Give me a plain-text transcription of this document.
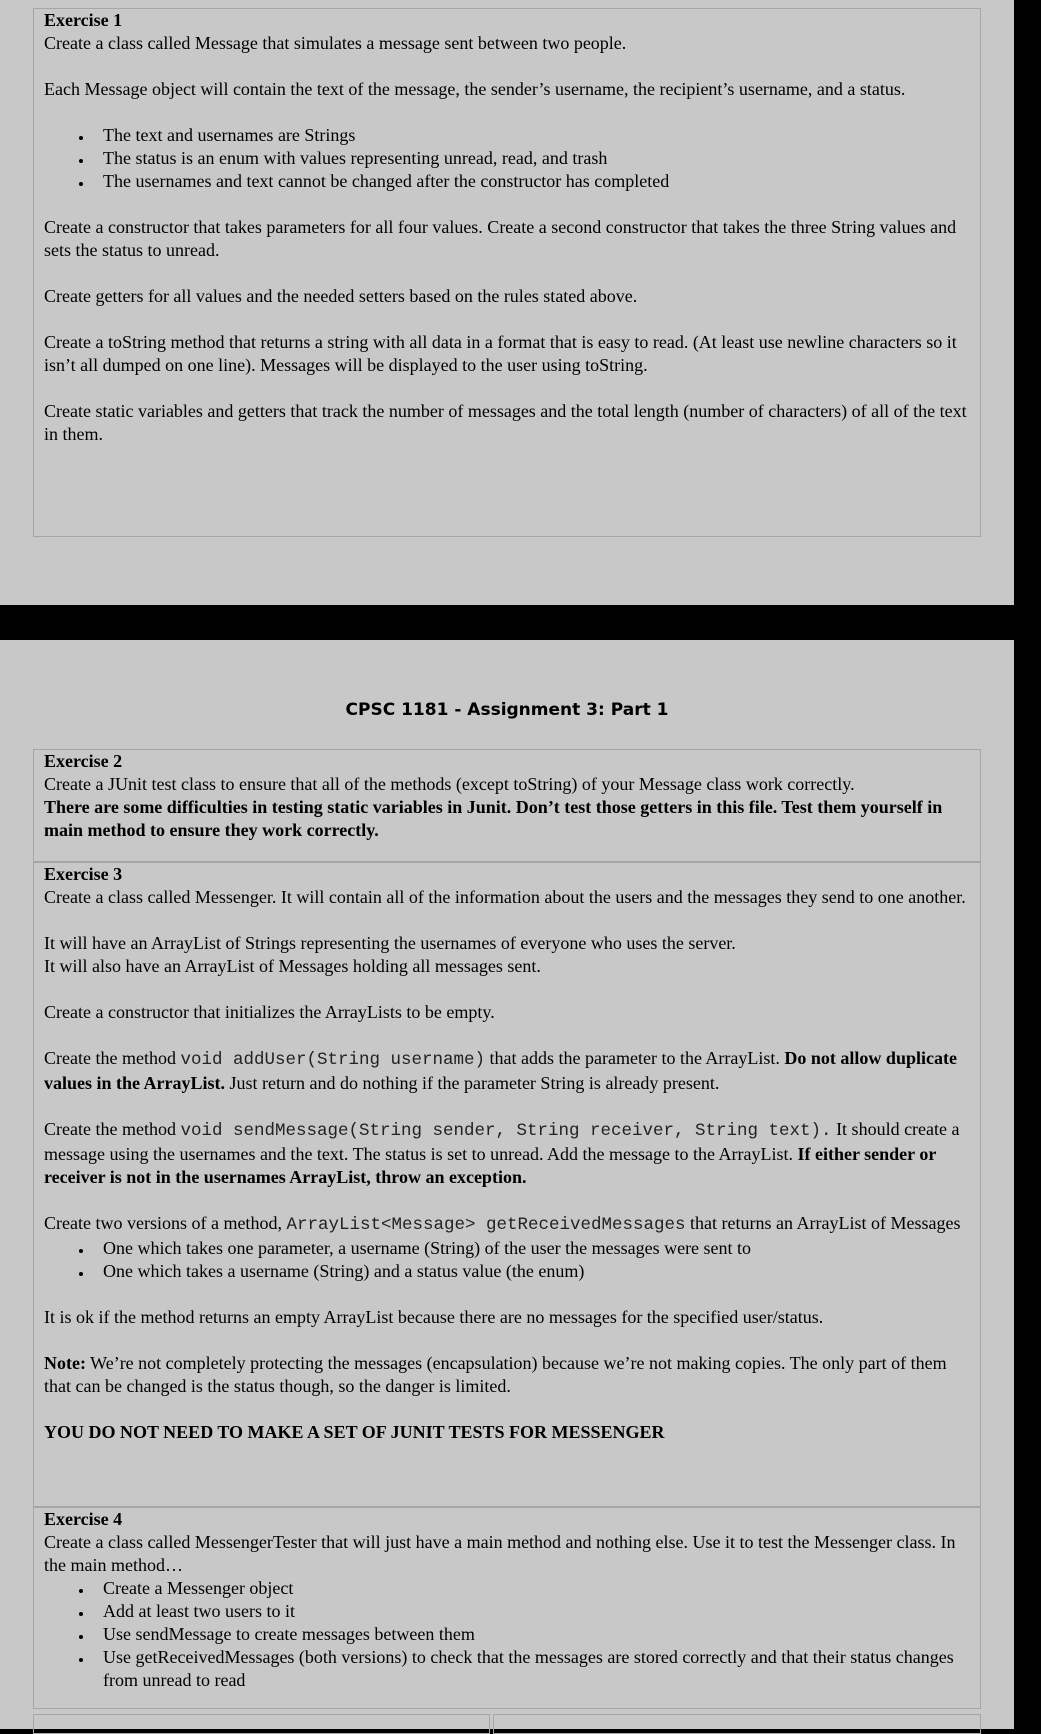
Exercise 1

Create a class called Message that simulates a message sent between two people.

Each Message object will contain the text of the message, the sender’s username, the recipient’s username, and a status.

• The text and usernames are Strings
• The status is an enum with values representing unread, read, and trash
• The usernames and text cannot be changed after the constructor has completed

Create a constructor that takes parameters for all four values. Create a second constructor that takes the three String values and sets the status to unread.

Create getters for all values and the needed setters based on the rules stated above.

Create a toString method that returns a string with all data in a format that is easy to read. (At least use newline characters so it isn’t all dumped on one line). Messages will be displayed to the user using toString.

Create static variables and getters that track the number of messages and the total length (number of characters) of all of the text in them.

CPSC 1181 - Assignment 3: Part 1

Exercise 2

Create a JUnit test class to ensure that all of the methods (except toString) of your Message class work correctly.

There are some difficulties in testing static variables in Junit. Don’t test those getters in this file. Test them yourself in main method to ensure they work correctly.

Exercise 3

Create a class called Messenger. It will contain all of the information about the users and the messages they send to one another.

It will have an ArrayList of Strings representing the usernames of everyone who uses the server.

It will also have an ArrayList of Messages holding all messages sent.

Create a constructor that initializes the ArrayLists to be empty.

Create the method void addUser(String username) that adds the parameter to the ArrayList. Do not allow duplicate values in the ArrayList. Just return and do nothing if the parameter String is already present.

Create the method void sendMessage(String sender, String receiver, String text). It should create a message using the usernames and the text. The status is set to unread. Add the message to the ArrayList. If either sender or receiver is not in the usernames ArrayList, throw an exception.

Create two versions of a method, ArrayList<Message> getReceivedMessages that returns an ArrayList of Messages

• One which takes one parameter, a username (String) of the user the messages were sent to
• One which takes a username (String) and a status value (the enum)

It is ok if the method returns an empty ArrayList because there are no messages for the specified user/status.

Note: We’re not completely protecting the messages (encapsulation) because we’re not making copies. The only part of them that can be changed is the status though, so the danger is limited.

YOU DO NOT NEED TO MAKE A SET OF JUNIT TESTS FOR MESSENGER

Exercise 4

Create a class called MessengerTester that will just have a main method and nothing else. Use it to test the Messenger class. In the main method…

• Create a Messenger object
• Add at least two users to it
• Use sendMessage to create messages between them
• Use getReceivedMessages (both versions) to check that the messages are stored correctly and that their status changes from unread to read
